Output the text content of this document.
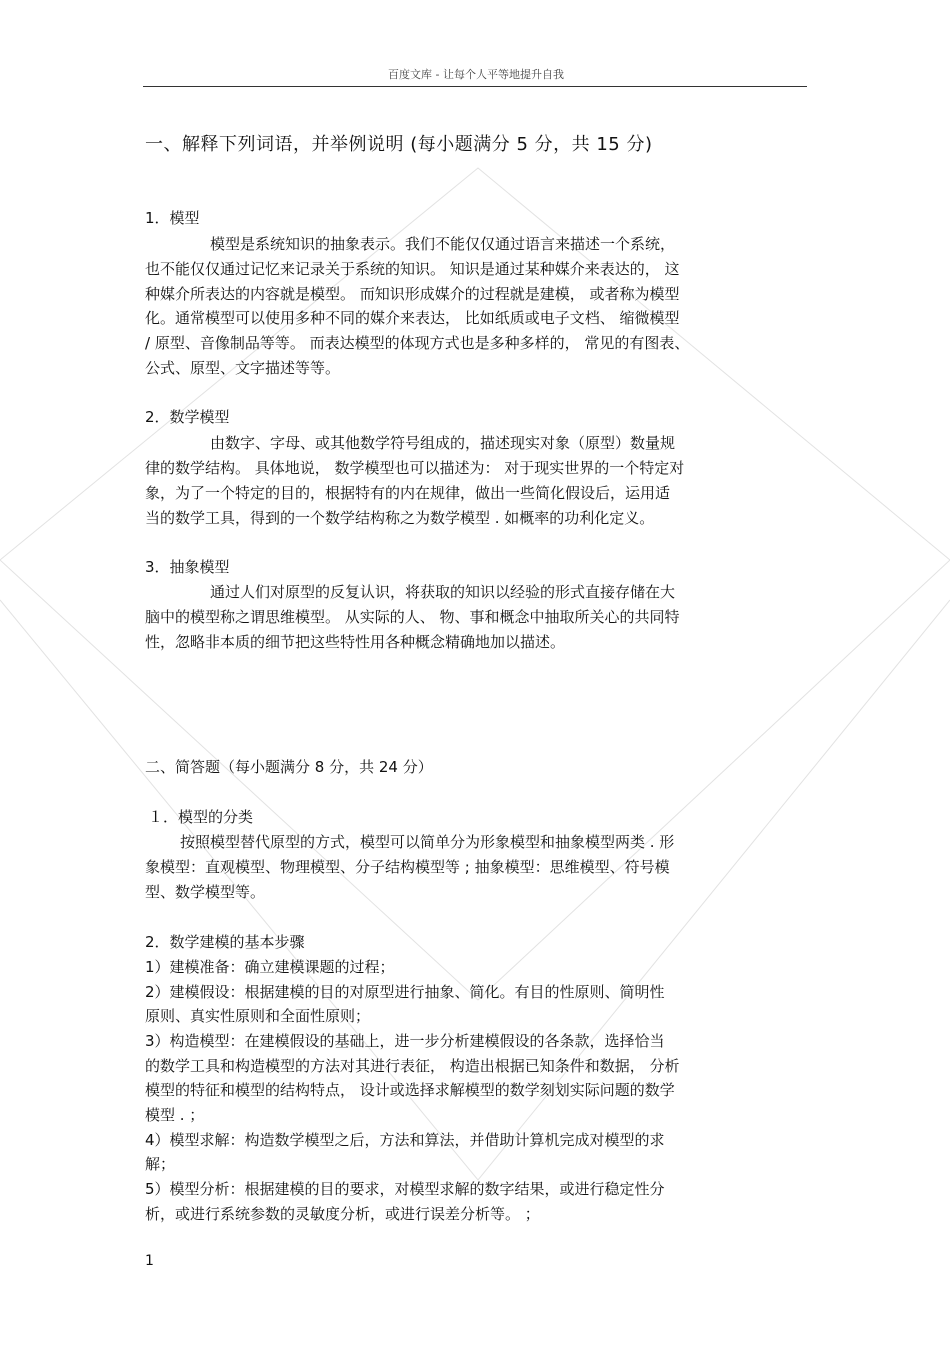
百度文库 - 让每个人平等地提升自我
一、解释下列词语，并举例说明 (每小题满分 5 分，共 15 分)
1．模型
模型是系统知识的抽象表示。我们不能仅仅通过语言来描述一个系统，
也不能仅仅通过记忆来记录关于系统的知识。 知识是通过某种媒介来表达的， 这
种媒介所表达的内容就是模型。 而知识形成媒介的过程就是建模， 或者称为模型
化。通常模型可以使用多种不同的媒介来表达， 比如纸质或电子文档、 缩微模型
/ 原型、音像制品等等。 而表达模型的体现方式也是多种多样的， 常见的有图表、
公式、原型、文字描述等等。
2．数学模型
由数字、字母、或其他数学符号组成的，描述现实对象（原型）数量规
律的数学结构。 具体地说， 数学模型也可以描述为： 对于现实世界的一个特定对
象，为了一个特定的目的，根据特有的内在规律，做出一些简化假设后，运用适
当的数学工具，得到的一个数学结构称之为数学模型 . 如概率的功利化定义。
3．抽象模型
通过人们对原型的反复认识，将获取的知识以经验的形式直接存储在大
脑中的模型称之谓思维模型。 从实际的人、 物、事和概念中抽取所关心的共同特
性，忽略非本质的细节把这些特性用各种概念精确地加以描述。
二、简答题（每小题满分 8 分，共 24 分）
１．模型的分类
按照模型替代原型的方式，模型可以简单分为形象模型和抽象模型两类 . 形
象模型：直观模型、物理模型、分子结构模型等 ; 抽象模型：思维模型、符号模
型、数学模型等。
2．数学建模的基本步骤
1）建模准备：确立建模课题的过程；
2）建模假设：根据建模的目的对原型进行抽象、简化。有目的性原则、简明性
原则、真实性原则和全面性原则；
3）构造模型：在建模假设的基础上，进一步分析建模假设的各条款，选择恰当
的数学工具和构造模型的方法对其进行表征， 构造出根据已知条件和数据， 分析
模型的特征和模型的结构特点， 设计或选择求解模型的数学刻划实际问题的数学
模型 . ；
4）模型求解：构造数学模型之后，方法和算法，并借助计算机完成对模型的求
解；
5）模型分析：根据建模的目的要求，对模型求解的数字结果，或进行稳定性分
析，或进行系统参数的灵敏度分析，或进行误差分析等。 ；
1
